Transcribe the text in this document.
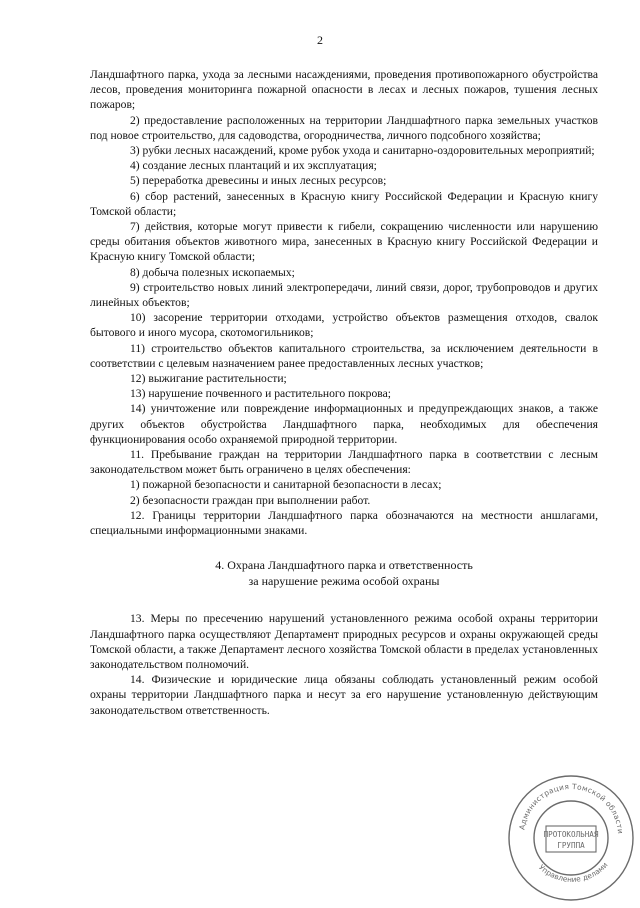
2

Ландшафтного парка, ухода за лесными насаждениями, проведения противопожарного обустройства лесов, проведения мониторинга пожарной опасности в лесах и лесных пожаров, тушения лесных пожаров;

2) предоставление расположенных на территории Ландшафтного парка земельных участков под новое строительство, для садоводства, огородничества, личного подсобного хозяйства;

3) рубки лесных насаждений, кроме рубок ухода и санитарно-оздоровительных мероприятий;

4) создание лесных плантаций и их эксплуатация;

5) переработка древесины и иных лесных ресурсов;

6) сбор растений, занесенных в Красную книгу Российской Федерации и Красную книгу Томской области;

7) действия, которые могут привести к гибели, сокращению численности или нарушению среды обитания объектов животного мира, занесенных в Красную книгу Российской Федерации и Красную книгу Томской области;

8) добыча полезных ископаемых;

9) строительство новых линий электропередачи, линий связи, дорог, трубопроводов и других линейных объектов;

10) засорение территории отходами, устройство объектов размещения отходов, свалок бытового и иного мусора, скотомогильников;

11) строительство объектов капитального строительства, за исключением деятельности в соответствии с целевым назначением ранее предоставленных лесных участков;

12) выжигание растительности;

13) нарушение почвенного и растительного покрова;

14) уничтожение или повреждение информационных и предупреждающих знаков, а также других объектов обустройства Ландшафтного парка, необходимых для обеспечения функционирования особо охраняемой природной территории.

11. Пребывание граждан на территории Ландшафтного парка в соответствии с лесным законодательством может быть ограничено в целях обеспечения:

1) пожарной безопасности и санитарной безопасности в лесах;

2) безопасности граждан при выполнении работ.

12. Границы территории Ландшафтного парка обозначаются на местности аншлагами, специальными информационными знаками.

4. Охрана Ландшафтного парка и ответственность
за нарушение режима особой охраны

13. Меры по пресечению нарушений установленного режима особой охраны территории Ландшафтного парка осуществляют Департамент природных ресурсов и охраны окружающей среды Томской области, а также Департамент лесного хозяйства Томской области в пределах установленных законодательством полномочий.

14. Физические и юридические лица обязаны соблюдать установленный режим особой охраны территории Ландшафтного парка и несут за его нарушение установленную действующим законодательством ответственность.

Администрация Томской области
Управление делами
ПРОТОКОЛЬНАЯ
ГРУППА
